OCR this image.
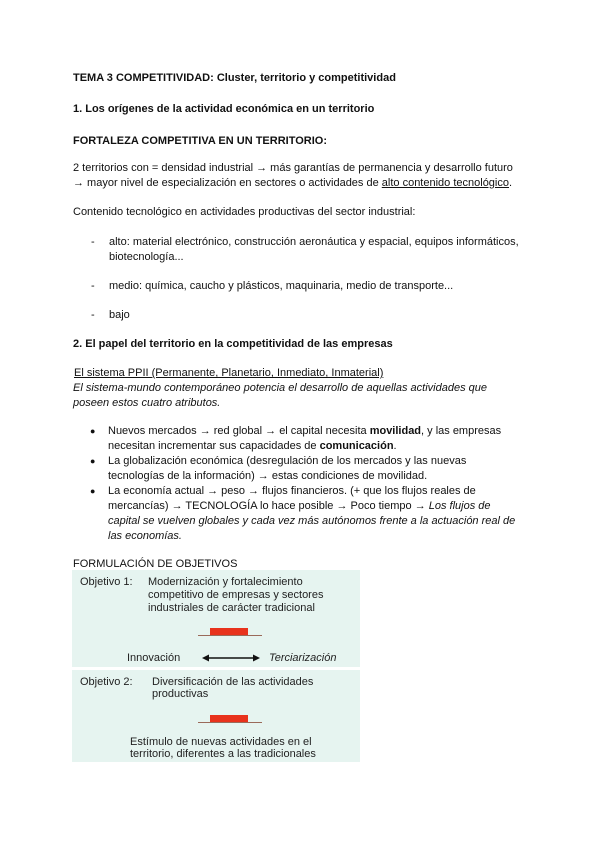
TEMA 3 COMPETITIVIDAD: Cluster, territorio y competitividad
1. Los orígenes de la actividad económica en un territorio
FORTALEZA COMPETITIVA EN UN TERRITORIO:
2 territorios con = densidad industrial → más garantías de permanencia y desarrollo futuro
→ mayor nivel de especialización en sectores o actividades de alto contenido tecnológico.
Contenido tecnológico en actividades productivas del sector industrial:
- alto: material electrónico, construcción aeronáutica y espacial, equipos informáticos,
biotecnología...
- medio: química, caucho y plásticos, maquinaria, medio de transporte...
- bajo
2. El papel del territorio en la competitividad de las empresas
El sistema PPII (Permanente, Planetario, Inmediato, Inmaterial)
El sistema-mundo contemporáneo potencia el desarrollo de aquellas actividades que
poseen estos cuatro atributos.
●	Nuevos mercados → red global → el capital necesita movilidad, y las empresas
necesitan incrementar sus capacidades de comunicación.
●	La globalización económica (desregulación de los mercados y las nuevas
tecnologías de la información) → estas condiciones de movilidad.
●	La economía actual → peso → flujos financieros. (+ que los flujos reales de
mercancías) → TECNOLOGÍA lo hace posible → Poco tiempo → Los flujos de
capital se vuelven globales y cada vez más autónomos frente a la actuación real de
las economías.
FORMULACIÓN DE OBJETIVOS
Objetivo 1: Modernización y fortalecimiento
competitivo de empresas y sectores
industriales de carácter tradicional
Innovación	Terciarización
Objetivo 2: Diversificación de las actividades
productivas
Estímulo de nuevas actividades en el
territorio, diferentes a las tradicionales
